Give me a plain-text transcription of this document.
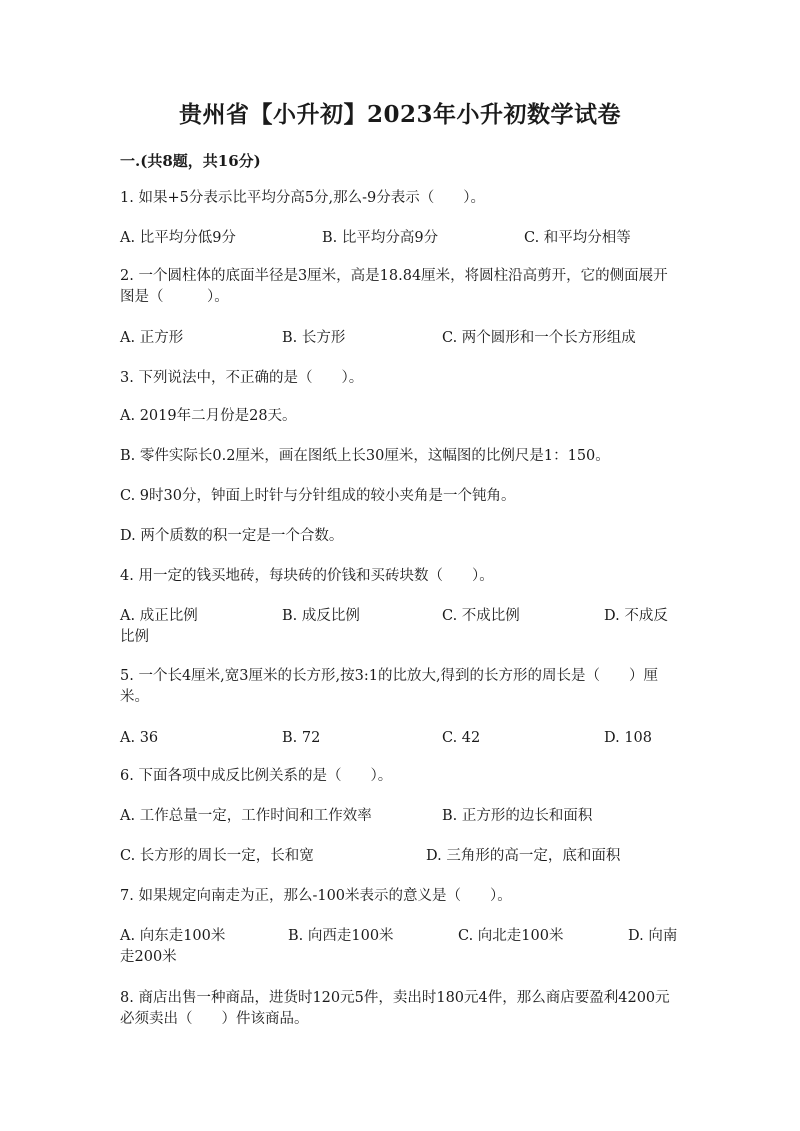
贵州省【小升初】2023年小升初数学试卷

一.(共8题，共16分)

1. 如果+5分表示比平均分高5分,那么-9分表示（　　）。

A. 比平均分低9分	B. 比平均分高9分	C. 和平均分相等

2. 一个圆柱体的底面半径是3厘米，高是18.84厘米，将圆柱沿高剪开，它的侧面展开图是（　　　）。

A. 正方形	B. 长方形	C. 两个圆形和一个长方形组成

3. 下列说法中，不正确的是（　　）。

A. 2019年二月份是28天。

B. 零件实际长0.2厘米，画在图纸上长30厘米，这幅图的比例尺是1：150。

C. 9时30分，钟面上时针与分针组成的较小夹角是一个钝角。

D. 两个质数的积一定是一个合数。

4. 用一定的钱买地砖，每块砖的价钱和买砖块数（　　）。

A. 成正比例	B. 成反比例	C. 不成比例	D. 不成反
比例

5. 一个长4厘米,宽3厘米的长方形,按3:1的比放大,得到的长方形的周长是（　　）厘米。

A. 36	B. 72	C. 42	D. 108

6. 下面各项中成反比例关系的是（　　）。

A. 工作总量一定，工作时间和工作效率	B. 正方形的边长和面积
C. 长方形的周长一定，长和宽	D. 三角形的高一定，底和面积

7. 如果规定向南走为正，那么-100米表示的意义是（　　）。

A. 向东走100米	B. 向西走100米	C. 向北走100米	D. 向南
走200米

8. 商店出售一种商品，进货时120元5件，卖出时180元4件，那么商店要盈利4200元必须卖出（　　）件该商品。
